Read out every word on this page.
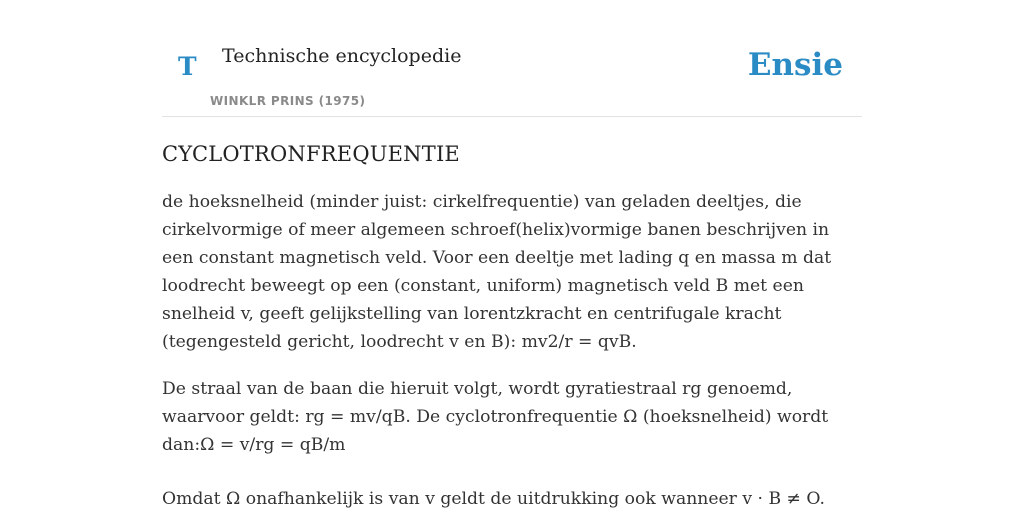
T Technische encyclopedie
WINKLR PRINS (1975)
Ensie
CYCLOTRONFREQUENTIE

de hoeksnelheid (minder juist: cirkelfrequentie) van geladen deeltjes, die cirkelvormige of meer algemeen schroef(helix)vormige banen beschrijven in een constant magnetisch veld. Voor een deeltje met lading q en massa m dat loodrecht beweegt op een (constant, uniform) magnetisch veld B met een snelheid v, geeft gelijkstelling van lorentzkracht en centrifugale kracht (tegengesteld gericht, loodrecht v en B): mv2/r = qvB.

De straal van de baan die hieruit volgt, wordt gyratiestraal rg genoemd, waarvoor geldt: rg = mv/qB. De cyclotronfrequentie Ω (hoeksnelheid) wordt dan:Ω = v/rg = qB/m

Omdat Ω onafhankelijk is van v geldt de uitdrukking ook wanneer v · B ≠ O.
